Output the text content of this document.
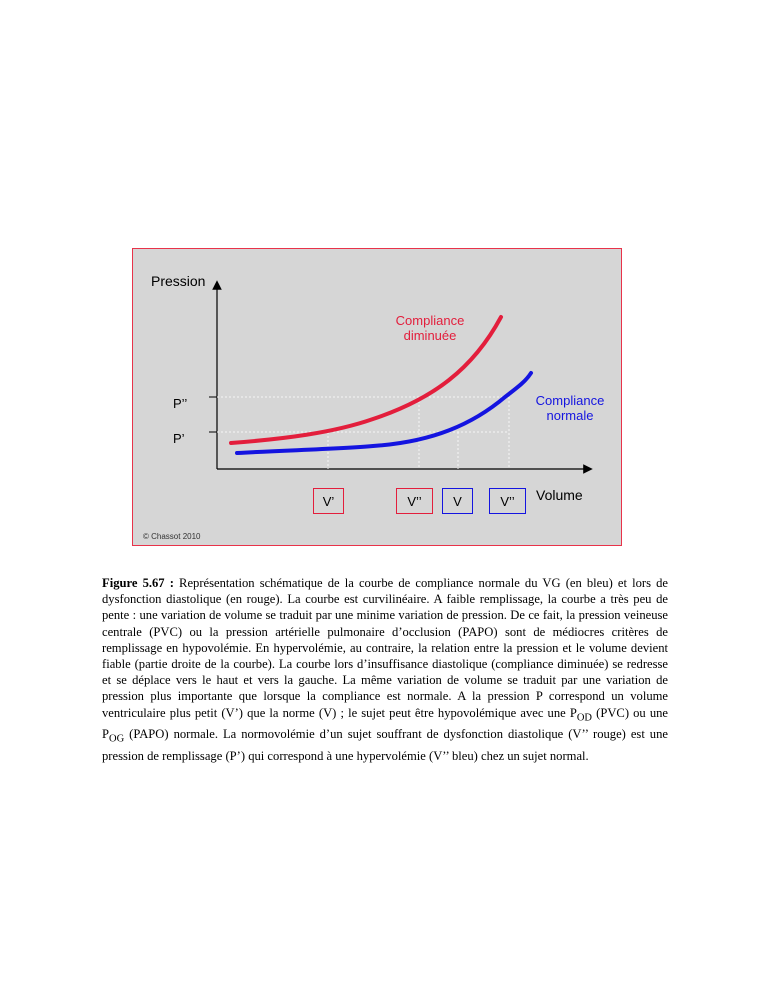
Pression
Volume
Compliance
diminuée
Compliance
normale
P’’
P’
V’	V’’	V	V’’
© Chassot 2010
Figure 5.67 : Représentation schématique de la courbe de compliance normale du VG (en bleu) et lors de dysfonction diastolique (en rouge). La courbe est curvilinéaire. A faible remplissage, la courbe a très peu de pente : une variation de volume se traduit par une minime variation de pression. De ce fait, la pression veineuse centrale (PVC) ou la pression artérielle pulmonaire d’occlusion (PAPO) sont de médiocres critères de remplissage en hypovolémie. En hypervolémie, au contraire, la relation entre la pression et le volume devient fiable (partie droite de la courbe). La courbe lors d’insuffisance diastolique (compliance diminuée) se redresse et se déplace vers le haut et vers la gauche. La même variation de volume se traduit par une variation de pression plus importante que lorsque la compliance est normale. A la pression P correspond un volume ventriculaire plus petit (V’) que la norme (V) ; le sujet peut être hypovolémique avec une $P_{OD}$ (PVC) ou une $P_{OG}$ (PAPO) normale. La normovolémie d’un sujet souffrant de dysfonction diastolique (V’’ rouge) est une pression de remplissage (P’) qui correspond à une hypervolémie (V’’ bleu) chez un sujet normal.
